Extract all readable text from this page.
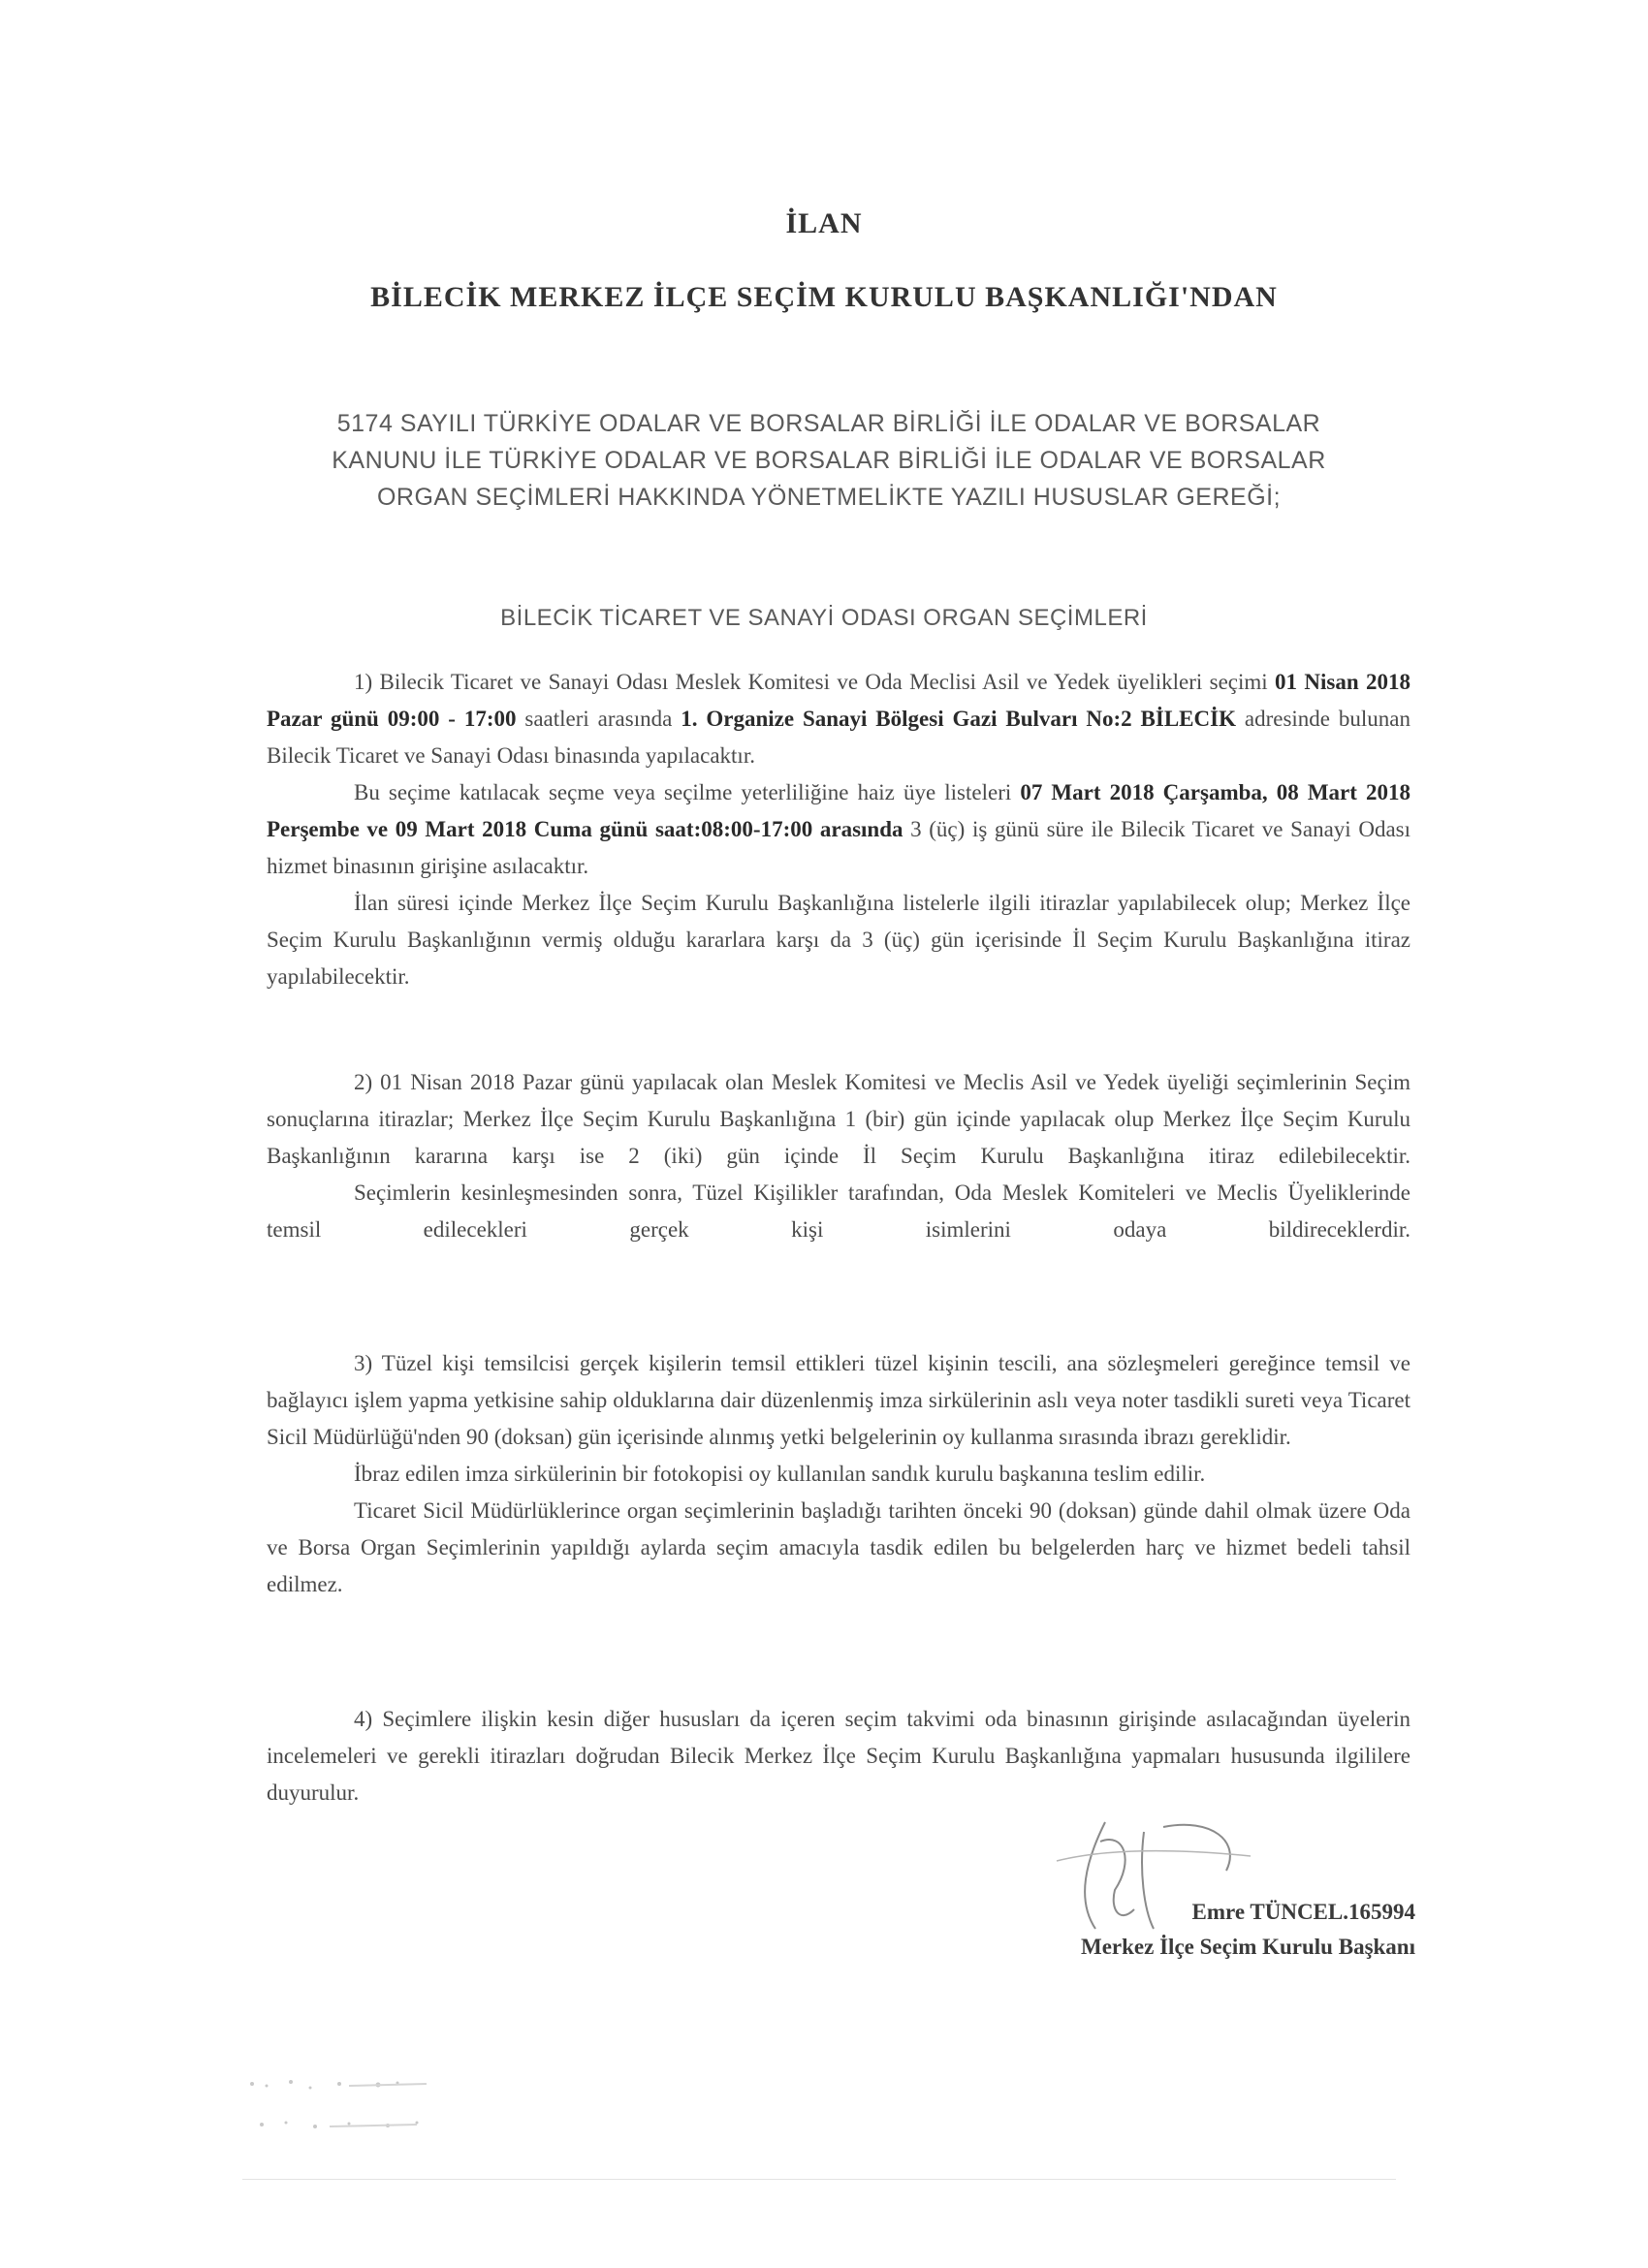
İLAN
BİLECİK MERKEZ İLÇE SEÇİM KURULU BAŞKANLIĞI'NDAN
5174 SAYILI TÜRKİYE ODALAR VE BORSALAR BİRLİĞİ İLE ODALAR VE BORSALAR
KANUNU İLE TÜRKİYE ODALAR VE BORSALAR BİRLİĞİ İLE ODALAR VE BORSALAR
ORGAN SEÇİMLERİ HAKKINDA YÖNETMELİKTE YAZILI HUSUSLAR GEREĞİ;
BİLECİK TİCARET VE SANAYİ ODASI ORGAN SEÇİMLERİ

1) Bilecik Ticaret ve Sanayi Odası Meslek Komitesi ve Oda Meclisi Asil ve Yedek üyelikleri seçimi 01 Nisan 2018 Pazar günü 09:00 - 17:00 saatleri arasında 1. Organize Sanayi Bölgesi Gazi Bulvarı No:2 BİLECİK adresinde bulunan Bilecik Ticaret ve Sanayi Odası binasında yapılacaktır.

Bu seçime katılacak seçme veya seçilme yeterliliğine haiz üye listeleri 07 Mart 2018 Çarşamba, 08 Mart 2018 Perşembe ve 09 Mart 2018 Cuma günü saat:08:00-17:00 arasında 3 (üç) iş günü süre ile Bilecik Ticaret ve Sanayi Odası hizmet binasının girişine asılacaktır.

İlan süresi içinde Merkez İlçe Seçim Kurulu Başkanlığına listelerle ilgili itirazlar yapılabilecek olup; Merkez İlçe Seçim Kurulu Başkanlığının vermiş olduğu kararlara karşı da 3 (üç) gün içerisinde İl Seçim Kurulu Başkanlığına itiraz yapılabilecektir.

2) 01 Nisan 2018 Pazar günü yapılacak olan Meslek Komitesi ve Meclis Asil ve Yedek üyeliği seçimlerinin Seçim sonuçlarına itirazlar; Merkez İlçe Seçim Kurulu Başkanlığına 1 (bir) gün içinde yapılacak olup Merkez İlçe Seçim Kurulu Başkanlığının kararına karşı ise 2 (iki) gün içinde İl Seçim Kurulu Başkanlığına itiraz edilebilecektir.

Seçimlerin kesinleşmesinden sonra, Tüzel Kişilikler tarafından, Oda Meslek Komiteleri ve Meclis Üyeliklerinde temsil edilecekleri gerçek kişi isimlerini odaya bildireceklerdir.

3) Tüzel kişi temsilcisi gerçek kişilerin temsil ettikleri tüzel kişinin tescili, ana sözleşmeleri gereğince temsil ve bağlayıcı işlem yapma yetkisine sahip olduklarına dair düzenlenmiş imza sirkülerinin aslı veya noter tasdikli sureti veya Ticaret Sicil Müdürlüğü'nden 90 (doksan) gün içerisinde alınmış yetki belgelerinin oy kullanma sırasında ibrazı gereklidir.

İbraz edilen imza sirkülerinin bir fotokopisi oy kullanılan sandık kurulu başkanına teslim edilir.

Ticaret Sicil Müdürlüklerince organ seçimlerinin başladığı tarihten önceki 90 (doksan) günde dahil olmak üzere Oda ve Borsa Organ Seçimlerinin yapıldığı aylarda seçim amacıyla tasdik edilen bu belgelerden harç ve hizmet bedeli tahsil edilmez.

4) Seçimlere ilişkin kesin diğer hususları da içeren seçim takvimi oda binasının girişinde asılacağından üyelerin incelemeleri ve gerekli itirazları doğrudan Bilecik Merkez İlçe Seçim Kurulu Başkanlığına yapmaları hususunda ilgililere duyurulur.

Emre TÜNCEL.165994
Merkez İlçe Seçim Kurulu Başkanı
